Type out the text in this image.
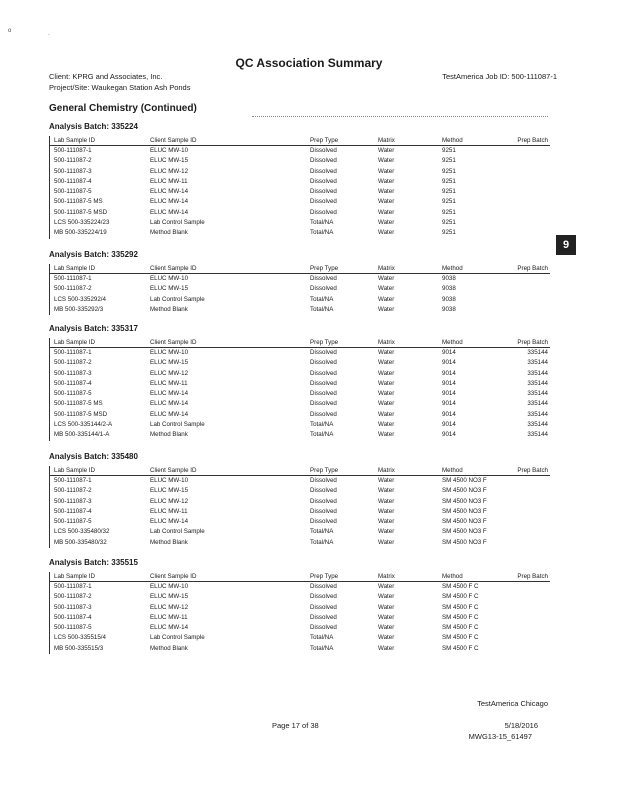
o
·
QC Association Summary
Client: KPRG and Associates, Inc.	TestAmerica Job ID: 500-111087-1
Project/Site: Waukegan Station Ash Ponds
General Chemistry (Continued)
9
Analysis Batch: 335224
Lab Sample ID	Client Sample ID	Prep Type	Matrix	Method	Prep Batch
500-111087-1	ELUC MW-10	Dissolved	Water	9251
500-111087-2	ELUC MW-15	Dissolved	Water	9251
500-111087-3	ELUC MW-12	Dissolved	Water	9251
500-111087-4	ELUC MW-11	Dissolved	Water	9251
500-111087-5	ELUC MW-14	Dissolved	Water	9251
500-111087-5 MS	ELUC MW-14	Dissolved	Water	9251
500-111087-5 MSD	ELUC MW-14	Dissolved	Water	9251
LCS 500-335224/23	Lab Control Sample	Total/NA	Water	9251
MB 500-335224/19	Method Blank	Total/NA	Water	9251
Analysis Batch: 335292
Lab Sample ID	Client Sample ID	Prep Type	Matrix	Method	Prep Batch
500-111087-1	ELUC MW-10	Dissolved	Water	9038
500-111087-2	ELUC MW-15	Dissolved	Water	9038
LCS 500-335292/4	Lab Control Sample	Total/NA	Water	9038
MB 500-335292/3	Method Blank	Total/NA	Water	9038
Analysis Batch: 335317
Lab Sample ID	Client Sample ID	Prep Type	Matrix	Method	Prep Batch
500-111087-1	ELUC MW-10	Dissolved	Water	9014	335144
500-111087-2	ELUC MW-15	Dissolved	Water	9014	335144
500-111087-3	ELUC MW-12	Dissolved	Water	9014	335144
500-111087-4	ELUC MW-11	Dissolved	Water	9014	335144
500-111087-5	ELUC MW-14	Dissolved	Water	9014	335144
500-111087-5 MS	ELUC MW-14	Dissolved	Water	9014	335144
500-111087-5 MSD	ELUC MW-14	Dissolved	Water	9014	335144
LCS 500-335144/2-A	Lab Control Sample	Total/NA	Water	9014	335144
MB 500-335144/1-A	Method Blank	Total/NA	Water	9014	335144
Analysis Batch: 335480
Lab Sample ID	Client Sample ID	Prep Type	Matrix	Method	Prep Batch
500-111087-1	ELUC MW-10	Dissolved	Water	SM 4500 NO3 F
500-111087-2	ELUC MW-15	Dissolved	Water	SM 4500 NO3 F
500-111087-3	ELUC MW-12	Dissolved	Water	SM 4500 NO3 F
500-111087-4	ELUC MW-11	Dissolved	Water	SM 4500 NO3 F
500-111087-5	ELUC MW-14	Dissolved	Water	SM 4500 NO3 F
LCS 500-335480/32	Lab Control Sample	Total/NA	Water	SM 4500 NO3 F
MB 500-335480/32	Method Blank	Total/NA	Water	SM 4500 NO3 F
Analysis Batch: 335515
Lab Sample ID	Client Sample ID	Prep Type	Matrix	Method	Prep Batch
500-111087-1	ELUC MW-10	Dissolved	Water	SM 4500 F C
500-111087-2	ELUC MW-15	Dissolved	Water	SM 4500 F C
500-111087-3	ELUC MW-12	Dissolved	Water	SM 4500 F C
500-111087-4	ELUC MW-11	Dissolved	Water	SM 4500 F C
500-111087-5	ELUC MW-14	Dissolved	Water	SM 4500 F C
LCS 500-335515/4	Lab Control Sample	Total/NA	Water	SM 4500 F C
MB 500-335515/3	Method Blank	Total/NA	Water	SM 4500 F C
TestAmerica Chicago
Page 17 of 38	5/18/2016
MWG13-15_61497
